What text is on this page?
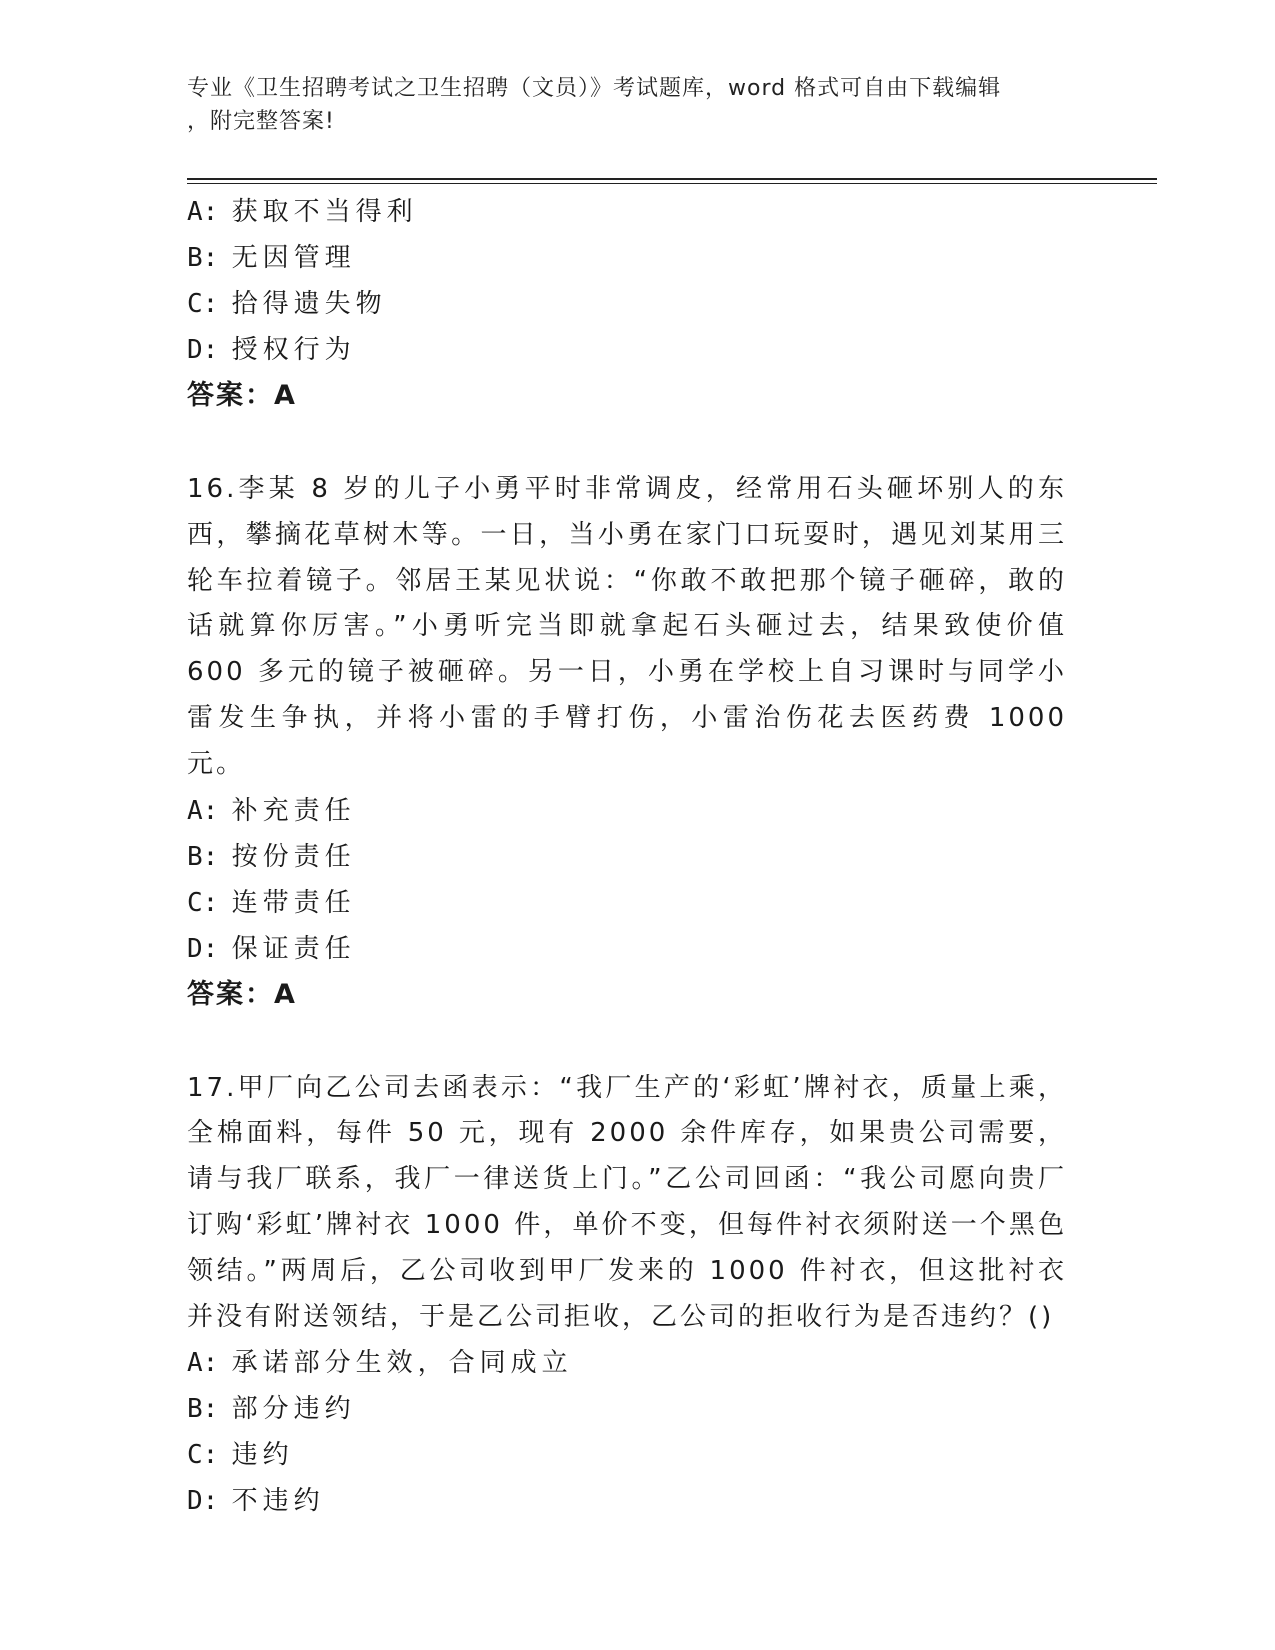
专业《卫生招聘考试之卫生招聘（文员）》考试题库，word 格式可自由下载编辑
，附完整答案!
A: 获取不当得利
B: 无因管理
C: 拾得遗失物
D: 授权行为
答案：A
16.李某 8 岁的儿子小勇平时非常调皮，经常用石头砸坏别人的东西，攀摘花草树木等。一日，当小勇在家门口玩耍时，遇见刘某用三轮车拉着镜子。邻居王某见状说：“你敢不敢把那个镜子砸碎，敢的话就算你厉害。”小勇听完当即就拿起石头砸过去，结果致使价值 600 多元的镜子被砸碎。另一日，小勇在学校上自习课时与同学小雷发生争执，并将小雷的手臂打伤，小雷治伤花去医药费 1000 元。
A: 补充责任
B: 按份责任
C: 连带责任
D: 保证责任
答案：A
17.甲厂向乙公司去函表示：“我厂生产的‘彩虹’牌衬衣，质量上乘，全棉面料，每件 50 元，现有 2000 余件库存，如果贵公司需要，请与我厂联系，我厂一律送货上门。”乙公司回函：“我公司愿向贵厂订购‘彩虹’牌衬衣 1000 件，单价不变，但每件衬衣须附送一个黑色领结。”两周后，乙公司收到甲厂发来的 1000 件衬衣，但这批衬衣并没有附送领结，于是乙公司拒收，乙公司的拒收行为是否违约？()
A: 承诺部分生效，合同成立
B: 部分违约
C: 违约
D: 不违约
